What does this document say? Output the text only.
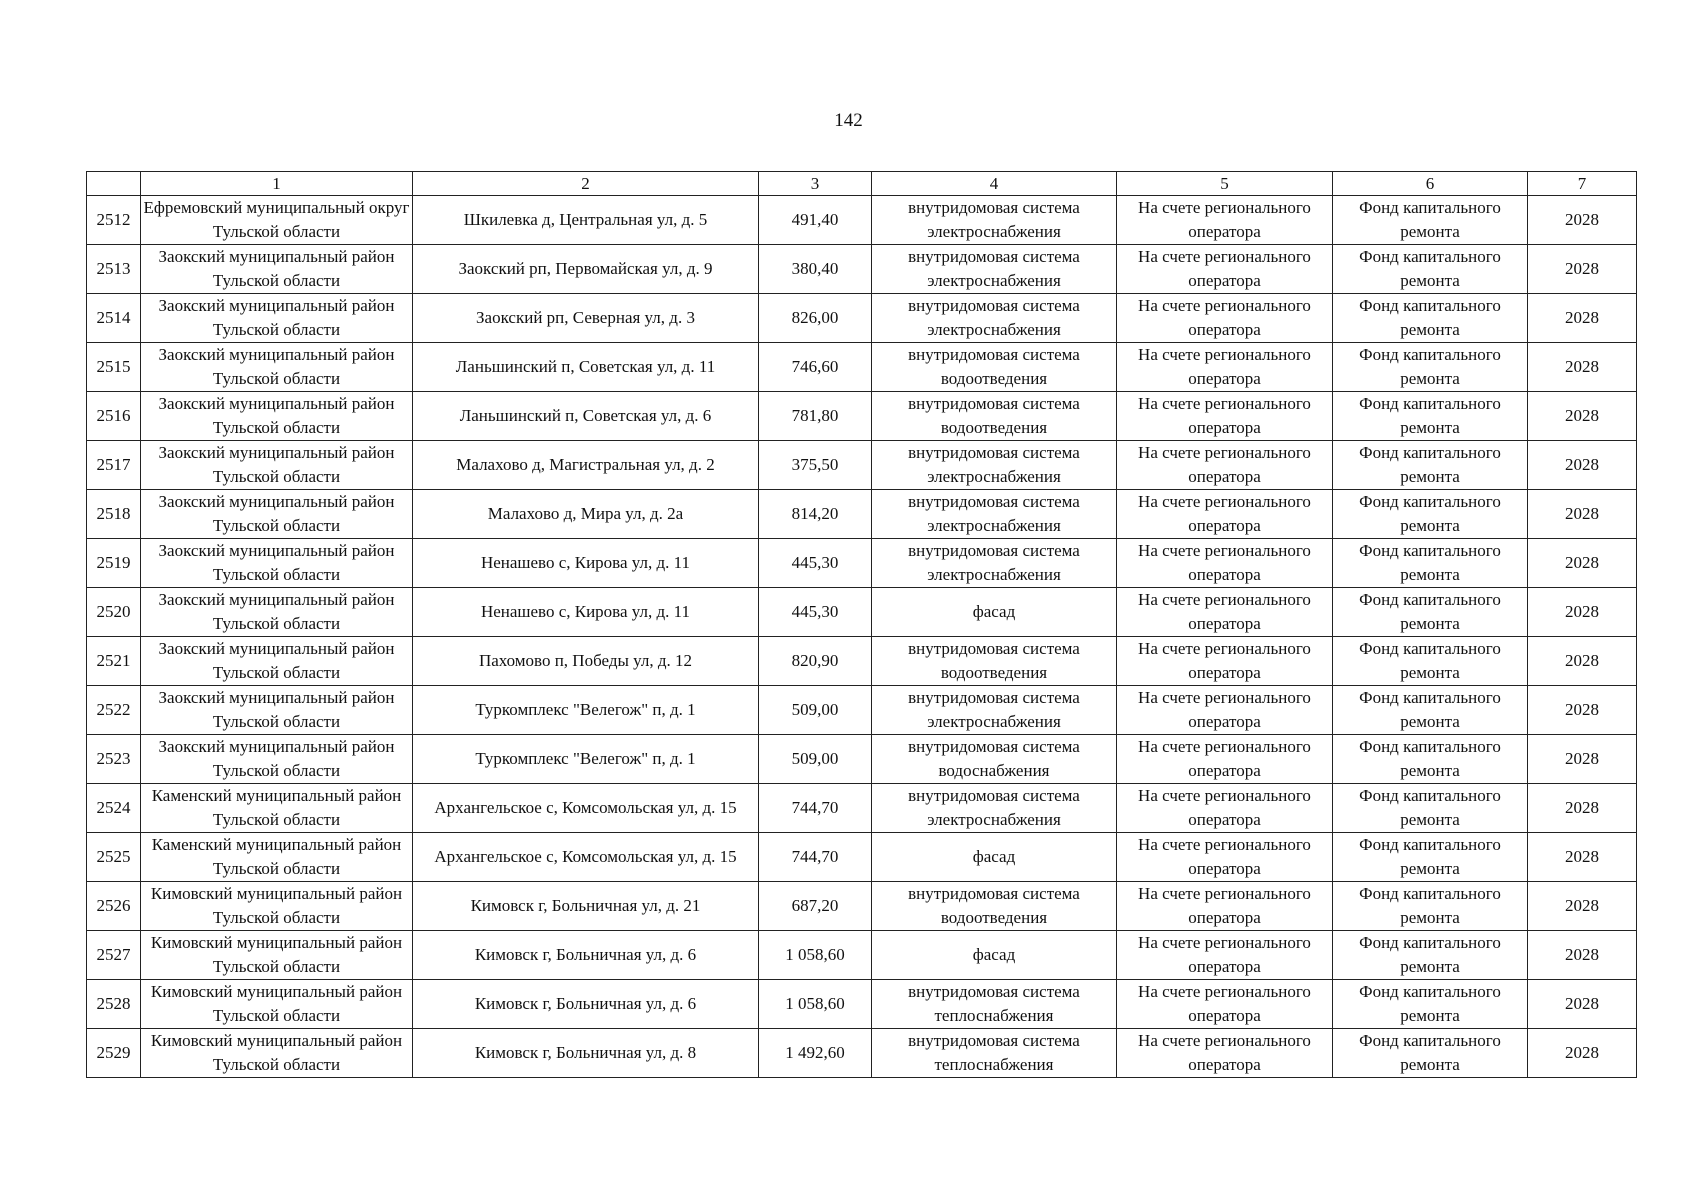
142
	1	2	3	4	5	6	7
2512	Ефремовский муниципальный округ Тульской области	Шкилевка д, Центральная ул, д. 5	491,40	внутридомовая система электроснабжения	На счете регионального оператора	Фонд капитального ремонта	2028
2513	Заокский муниципальный район Тульской области	Заокский рп, Первомайская ул, д. 9	380,40	внутридомовая система электроснабжения	На счете регионального оператора	Фонд капитального ремонта	2028
2514	Заокский муниципальный район Тульской области	Заокский рп, Северная ул, д. 3	826,00	внутридомовая система электроснабжения	На счете регионального оператора	Фонд капитального ремонта	2028
2515	Заокский муниципальный район Тульской области	Ланьшинский п, Советская ул, д. 11	746,60	внутридомовая система водоотведения	На счете регионального оператора	Фонд капитального ремонта	2028
2516	Заокский муниципальный район Тульской области	Ланьшинский п, Советская ул, д. 6	781,80	внутридомовая система водоотведения	На счете регионального оператора	Фонд капитального ремонта	2028
2517	Заокский муниципальный район Тульской области	Малахово д, Магистральная ул, д. 2	375,50	внутридомовая система электроснабжения	На счете регионального оператора	Фонд капитального ремонта	2028
2518	Заокский муниципальный район Тульской области	Малахово д, Мира ул, д. 2а	814,20	внутридомовая система электроснабжения	На счете регионального оператора	Фонд капитального ремонта	2028
2519	Заокский муниципальный район Тульской области	Ненашево с, Кирова ул, д. 11	445,30	внутридомовая система электроснабжения	На счете регионального оператора	Фонд капитального ремонта	2028
2520	Заокский муниципальный район Тульской области	Ненашево с, Кирова ул, д. 11	445,30	фасад	На счете регионального оператора	Фонд капитального ремонта	2028
2521	Заокский муниципальный район Тульской области	Пахомово п, Победы ул, д. 12	820,90	внутридомовая система водоотведения	На счете регионального оператора	Фонд капитального ремонта	2028
2522	Заокский муниципальный район Тульской области	Туркомплекс "Велегож" п, д. 1	509,00	внутридомовая система электроснабжения	На счете регионального оператора	Фонд капитального ремонта	2028
2523	Заокский муниципальный район Тульской области	Туркомплекс "Велегож" п, д. 1	509,00	внутридомовая система водоснабжения	На счете регионального оператора	Фонд капитального ремонта	2028
2524	Каменский муниципальный район Тульской области	Архангельское с, Комсомольская ул, д. 15	744,70	внутридомовая система электроснабжения	На счете регионального оператора	Фонд капитального ремонта	2028
2525	Каменский муниципальный район Тульской области	Архангельское с, Комсомольская ул, д. 15	744,70	фасад	На счете регионального оператора	Фонд капитального ремонта	2028
2526	Кимовский муниципальный район Тульской области	Кимовск г, Больничная ул, д. 21	687,20	внутридомовая система водоотведения	На счете регионального оператора	Фонд капитального ремонта	2028
2527	Кимовский муниципальный район Тульской области	Кимовск г, Больничная ул, д. 6	1 058,60	фасад	На счете регионального оператора	Фонд капитального ремонта	2028
2528	Кимовский муниципальный район Тульской области	Кимовск г, Больничная ул, д. 6	1 058,60	внутридомовая система теплоснабжения	На счете регионального оператора	Фонд капитального ремонта	2028
2529	Кимовский муниципальный район Тульской области	Кимовск г, Больничная ул, д. 8	1 492,60	внутридомовая система теплоснабжения	На счете регионального оператора	Фонд капитального ремонта	2028
